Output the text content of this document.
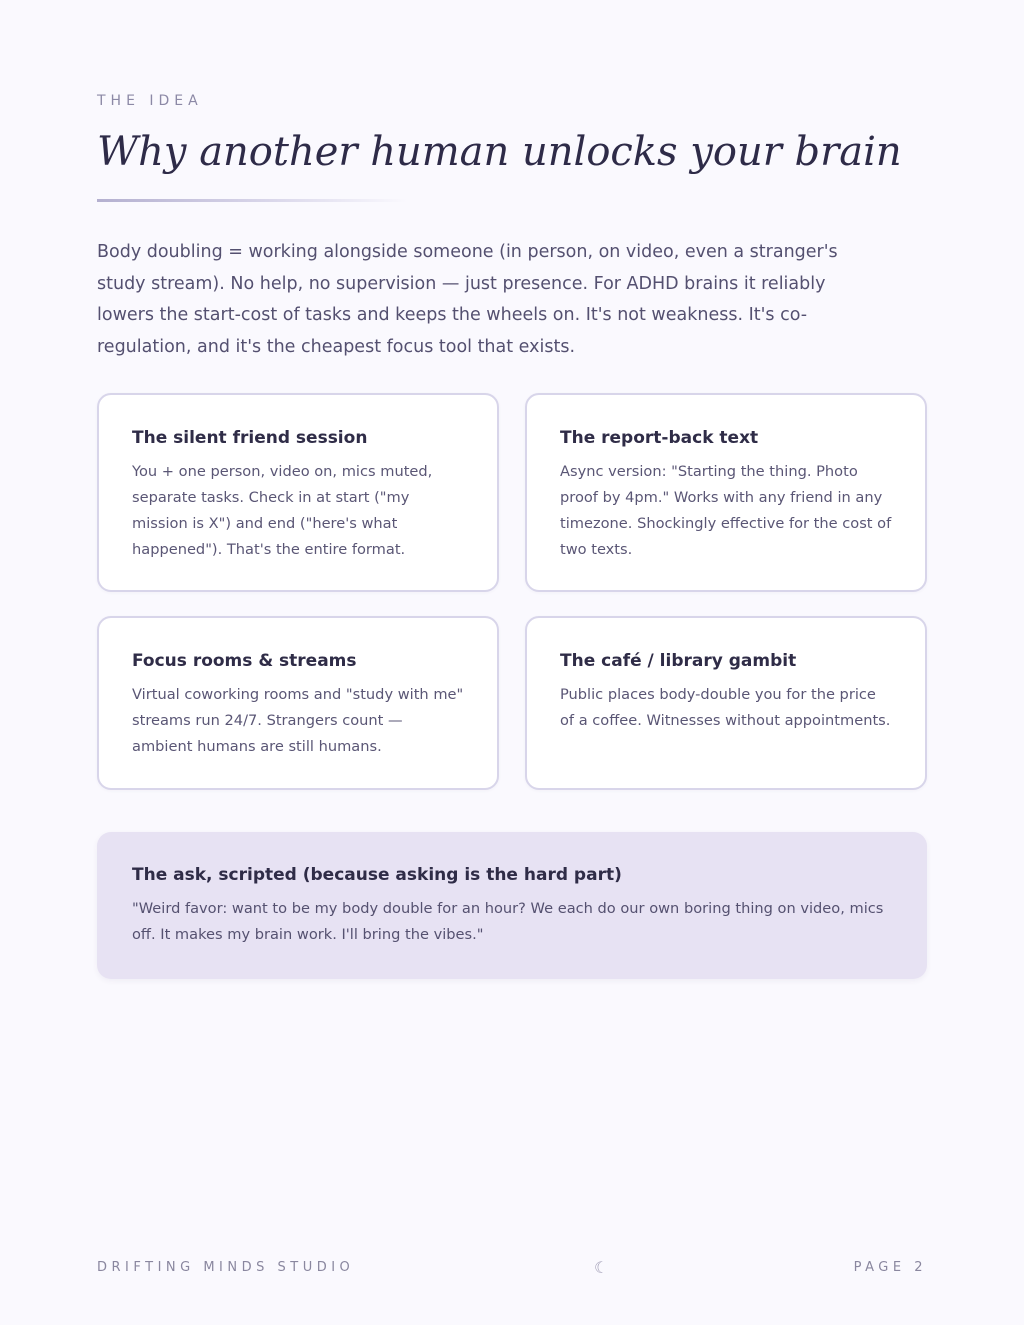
THE IDEA
Why another human unlocks your brain

Body doubling = working alongside someone (in person, on video, even a stranger's study stream). No help, no supervision — just presence. For ADHD brains it reliably lowers the start-cost of tasks and keeps the wheels on. It's not weakness. It's co-regulation, and it's the cheapest focus tool that exists.

The silent friend session

You + one person, video on, mics muted, separate tasks. Check in at start ("my mission is X") and end ("here's what happened"). That's the entire format.

The report-back text

Async version: "Starting the thing. Photo proof by 4pm." Works with any friend in any timezone. Shockingly effective for the cost of two texts.

Focus rooms & streams

Virtual coworking rooms and "study with me" streams run 24/7. Strangers count — ambient humans are still humans.

The café / library gambit

Public places body-double you for the price of a coffee. Witnesses without appointments.

The ask, scripted (because asking is the hard part)

"Weird favor: want to be my body double for an hour? We each do our own boring thing on video, mics off. It makes my brain work. I'll bring the vibes."

DRIFTING MINDS STUDIO	☾	PAGE 2
